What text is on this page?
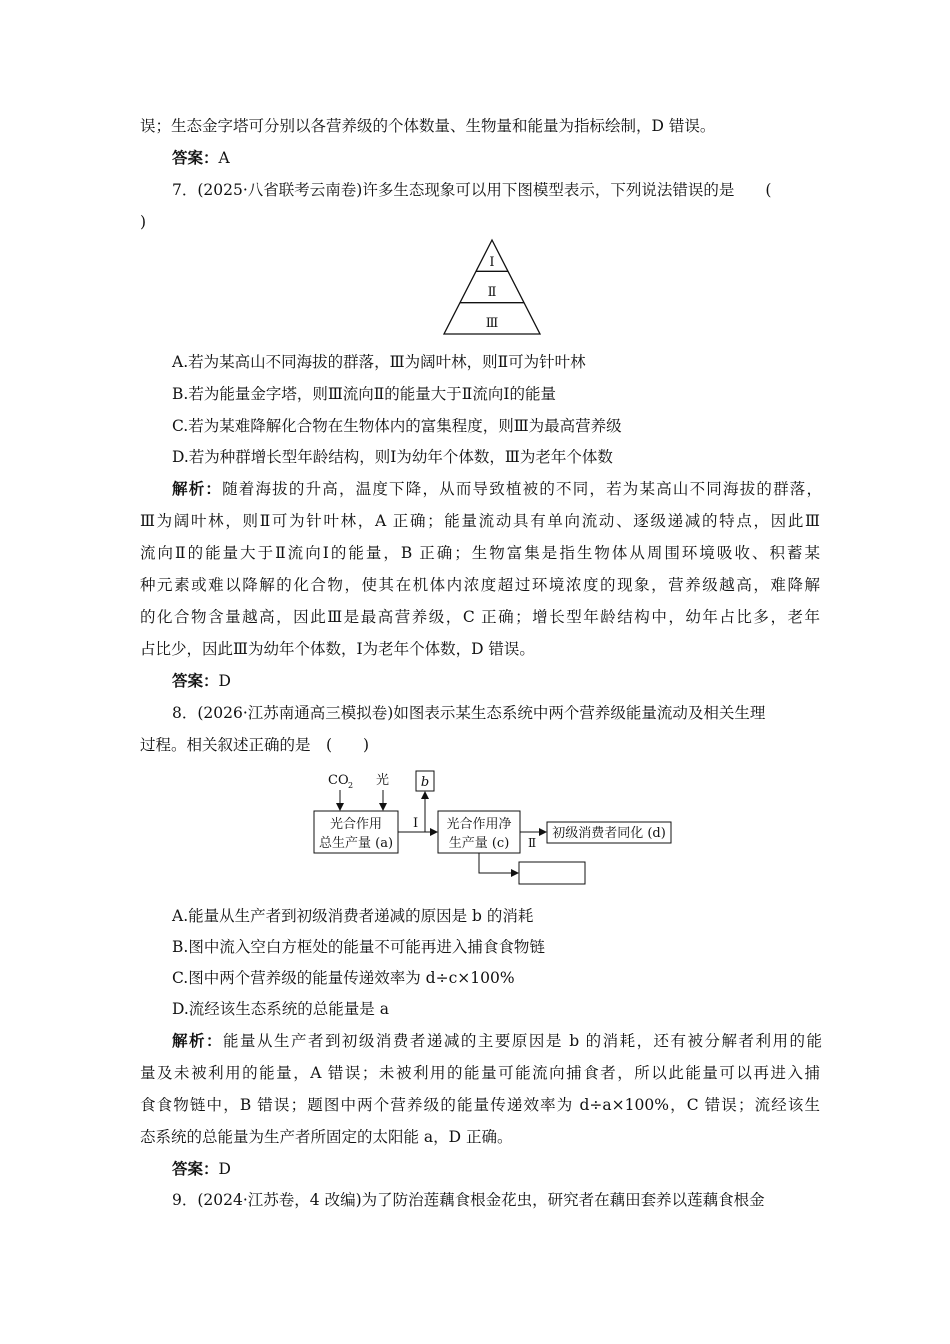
误；生态金字塔可分别以各营养级的个体数量、生物量和能量为指标绘制，D 错误。
答案：A
7．(2025·八省联考云南卷)许多生态现象可以用下图模型表示，下列说法错误的是　　(
)
Ⅰ
Ⅱ
Ⅲ
A.若为某高山不同海拔的群落，Ⅲ为阔叶林，则Ⅱ可为针叶林
B.若为能量金字塔，则Ⅲ流向Ⅱ的能量大于Ⅱ流向Ⅰ的能量
C.若为某难降解化合物在生物体内的富集程度，则Ⅲ为最高营养级
D.若为种群增长型年龄结构，则Ⅰ为幼年个体数，Ⅲ为老年个体数
解析：随着海拔的升高，温度下降，从而导致植被的不同，若为某高山不同海拔的群落，
Ⅲ为阔叶林，则Ⅱ可为针叶林，A 正确；能量流动具有单向流动、逐级递减的特点，因此Ⅲ
流向Ⅱ的能量大于Ⅱ流向Ⅰ的能量，B 正确；生物富集是指生物体从周围环境吸收、积蓄某
种元素或难以降解的化合物，使其在机体内浓度超过环境浓度的现象，营养级越高，难降解
的化合物含量越高，因此Ⅲ是最高营养级，C 正确；增长型年龄结构中，幼年占比多，老年
占比少，因此Ⅲ为幼年个体数，Ⅰ为老年个体数，D 错误。
答案：D
8．(2026·江苏南通高三模拟卷)如图表示某生态系统中两个营养级能量流动及相关生理
过程。相关叙述正确的是　(　　)
CO 2 光
光合作用
总生产量 (a)
b
Ⅰ 光合作用净
生产量 (c) Ⅱ
初级消费者同化 (d)
A.能量从生产者到初级消费者递减的原因是 b 的消耗
B.图中流入空白方框处的能量不可能再进入捕食食物链
C.图中两个营养级的能量传递效率为 d÷c×100%
D.流经该生态系统的总能量是 a
解析：能量从生产者到初级消费者递减的主要原因是 b 的消耗，还有被分解者利用的能
量及未被利用的能量，A 错误；未被利用的能量可能流向捕食者，所以此能量可以再进入捕
食食物链中，B 错误；题图中两个营养级的能量传递效率为 d÷a×100%，C 错误；流经该生
态系统的总能量为生产者所固定的太阳能 a，D 正确。
答案：D
9．(2024·江苏卷，4 改编)为了防治莲藕食根金花虫，研究者在藕田套养以莲藕食根金
